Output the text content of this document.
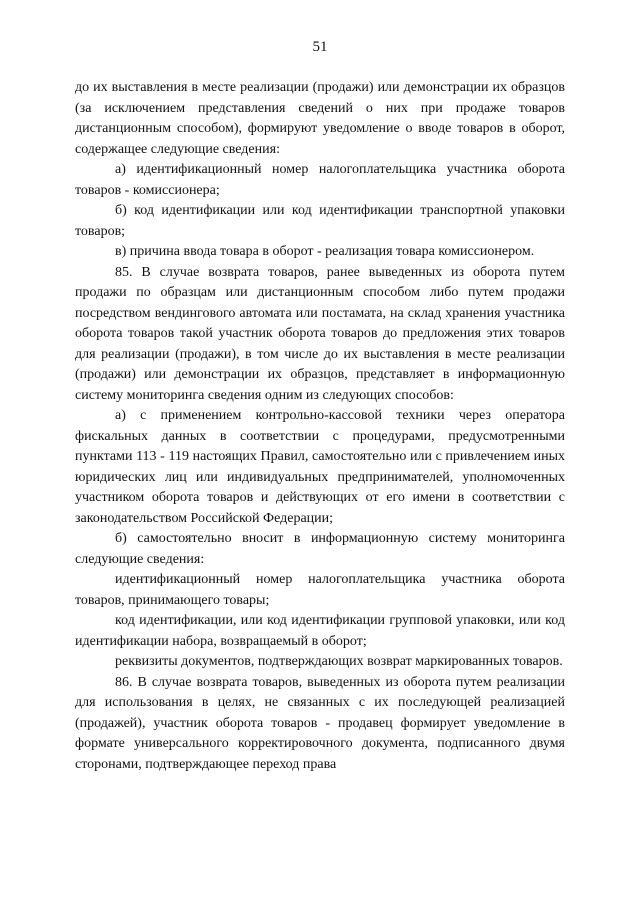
51

до их выставления в месте реализации (продажи) или демонстрации их образцов (за исключением представления сведений о них при продаже товаров дистанционным способом), формируют уведомление о вводе товаров в оборот, содержащее следующие сведения:

а) идентификационный номер налогоплательщика участника оборота товаров - комиссионера;

б) код идентификации или код идентификации транспортной упаковки товаров;

в) причина ввода товара в оборот - реализация товара комиссионером.

85. В случае возврата товаров, ранее выведенных из оборота путем продажи по образцам или дистанционным способом либо путем продажи посредством вендингового автомата или постамата, на склад хранения участника оборота товаров такой участник оборота товаров до предложения этих товаров для реализации (продажи), в том числе до их выставления в месте реализации (продажи) или демонстрации их образцов, представляет в информационную систему мониторинга сведения одним из следующих способов:

а) с применением контрольно-кассовой техники через оператора фискальных данных в соответствии с процедурами, предусмотренными пунктами 113 - 119 настоящих Правил, самостоятельно или с привлечением иных юридических лиц или индивидуальных предпринимателей, уполномоченных участником оборота товаров и действующих от его имени в соответствии с законодательством Российской Федерации;

б) самостоятельно вносит в информационную систему мониторинга следующие сведения:

идентификационный номер налогоплательщика участника оборота товаров, принимающего товары;

код идентификации, или код идентификации групповой упаковки, или код идентификации набора, возвращаемый в оборот;

реквизиты документов, подтверждающих возврат маркированных товаров.

86. В случае возврата товаров, выведенных из оборота путем реализации для использования в целях, не связанных с их последующей реализацией (продажей), участник оборота товаров - продавец формирует уведомление в формате универсального корректировочного документа, подписанного двумя сторонами, подтверждающее переход права
